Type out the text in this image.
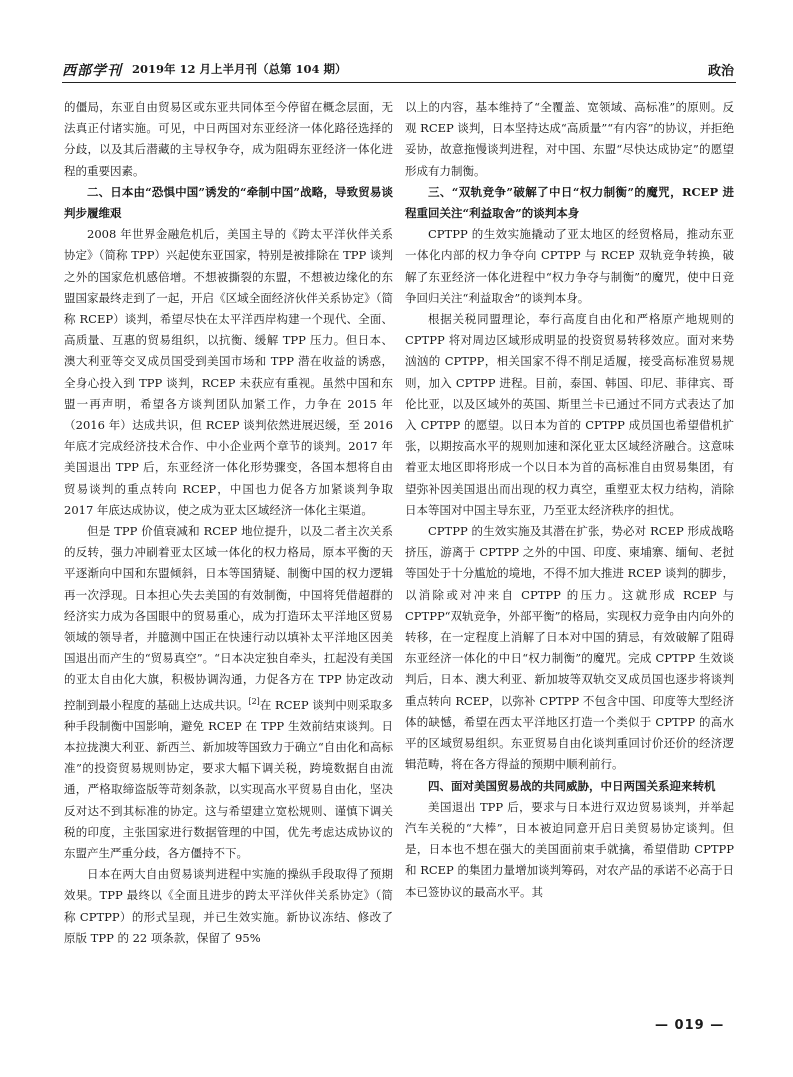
西部学刊 2019年 12 月上半月刊（总第 104 期）	政治

的僵局，东亚自由贸易区或东亚共同体至今停留在概念层面，无法真正付诸实施。可见，中日两国对东亚经济一体化路径选择的分歧，以及其后潜藏的主导权争夺，成为阻碍东亚经济一体化进程的重要因素。

二、日本由“恐惧中国”诱发的“牵制中国”战略，导致贸易谈判步履维艰

2008 年世界金融危机后，美国主导的《跨太平洋伙伴关系协定》（简称 TPP）兴起使东亚国家，特别是被排除在 TPP 谈判之外的国家危机感倍增。不想被撕裂的东盟，不想被边缘化的东盟国家最终走到了一起，开启《区域全面经济伙伴关系协定》（简称 RCEP）谈判，希望尽快在太平洋西岸构建一个现代、全面、高质量、互惠的贸易组织，以抗衡、缓解 TPP 压力。但日本、澳大利亚等交叉成员国受到美国市场和 TPP 潜在收益的诱惑，全身心投入到 TPP 谈判，RCEP 未获应有重视。虽然中国和东盟一再声明，希望各方谈判团队加紧工作，力争在 2015 年（2016 年）达成共识，但 RCEP 谈判依然进展迟缓，至 2016 年底才完成经济技术合作、中小企业两个章节的谈判。2017 年美国退出 TPP 后，东亚经济一体化形势骤变，各国本想将自由贸易谈判的重点转向 RCEP，中国也力促各方加紧谈判争取 2017 年底达成协议，使之成为亚太区域经济一体化主渠道。

但是 TPP 价值衰减和 RCEP 地位提升，以及二者主次关系的反转，强力冲刷着亚太区域一体化的权力格局，原本平衡的天平逐渐向中国和东盟倾斜，日本等国猜疑、制衡中国的权力逻辑再一次浮现。日本担心失去美国的有效制衡，中国将凭借超群的经济实力成为各国眼中的贸易重心，成为打造环太平洋地区贸易领域的领导者，并臆测中国正在快速行动以填补太平洋地区因美国退出而产生的“贸易真空”。“日本决定独自牵头，扛起没有美国的亚太自由化大旗，积极协调沟通，力促各方在 TPP 协定改动控制到最小程度的基础上达成共识。[2]在 RCEP 谈判中则采取多种手段制衡中国影响，避免 RCEP 在 TPP 生效前结束谈判。日本拉拢澳大利亚、新西兰、新加坡等国致力于确立“自由化和高标准”的投资贸易规则协定，要求大幅下调关税，跨境数据自由流通，严格取缔盗版等苛刻条款，以实现高水平贸易自由化，坚决反对达不到其标准的协定。这与希望建立宽松规则、谨慎下调关税的印度，主张国家进行数据管理的中国，优先考虑达成协议的东盟产生严重分歧，各方僵持不下。

日本在两大自由贸易谈判进程中实施的操纵手段取得了预期效果。TPP 最终以《全面且进步的跨太平洋伙伴关系协定》（简称 CPTPP）的形式呈现，并已生效实施。新协议冻结、修改了原版 TPP 的 22 项条款，保留了 95%

以上的内容，基本维持了“全覆盖、宽领域、高标准”的原则。反观 RCEP 谈判，日本坚持达成“高质量”“有内容”的协议，并拒绝妥协，故意拖慢谈判进程，对中国、东盟“尽快达成协定”的愿望形成有力制衡。

三、“双轨竞争”破解了中日“权力制衡”的魔咒，RCEP 进程重回关注“利益取舍”的谈判本身

CPTPP 的生效实施撬动了亚太地区的经贸格局，推动东亚一体化内部的权力争夺向 CPTPP 与 RCEP 双轨竞争转换，破解了东亚经济一体化进程中“权力争夺与制衡”的魔咒，使中日竞争回归关注“利益取舍”的谈判本身。

根据关税同盟理论，奉行高度自由化和严格原产地规则的 CPTPP 将对周边区域形成明显的投资贸易转移效应。面对来势汹汹的 CPTPP，相关国家不得不削足适履，接受高标准贸易规则，加入 CPTPP 进程。目前，泰国、韩国、印尼、菲律宾、哥伦比亚，以及区域外的英国、斯里兰卡已通过不同方式表达了加入 CPTPP 的愿望。以日本为首的 CPTPP 成员国也希望借机扩张，以期按高水平的规则加速和深化亚太区域经济融合。这意味着亚太地区即将形成一个以日本为首的高标准自由贸易集团，有望弥补因美国退出而出现的权力真空，重塑亚太权力结构，消除日本等国对中国主导东亚，乃至亚太经济秩序的担忧。

CPTPP 的生效实施及其潜在扩张，势必对 RCEP 形成战略挤压，游离于 CPTPP 之外的中国、印度、柬埔寨、缅甸、老挝等国处于十分尴尬的境地，不得不加大推进 RCEP 谈判的脚步，以消除或对冲来自 CPTPP 的压力。这就形成 RCEP 与 CPTPP“双轨竞争，外部平衡”的格局，实现权力竞争由内向外的转移，在一定程度上消解了日本对中国的猜忌，有效破解了阻碍东亚经济一体化的中日“权力制衡”的魔咒。完成 CPTPP 生效谈判后，日本、澳大利亚、新加坡等双轨交叉成员国也逐步将谈判重点转向 RCEP，以弥补 CPTPP 不包含中国、印度等大型经济体的缺憾，希望在西太平洋地区打造一个类似于 CPTPP 的高水平的区域贸易组织。东亚贸易自由化谈判重回讨价还价的经济逻辑范畴，将在各方得益的预期中顺利前行。

四、面对美国贸易战的共同威胁，中日两国关系迎来转机

美国退出 TPP 后，要求与日本进行双边贸易谈判，并举起汽车关税的“大棒”，日本被迫同意开启日美贸易协定谈判。但是，日本也不想在强大的美国面前束手就擒，希望借助 CPTPP 和 RCEP 的集团力量增加谈判筹码，对农产品的承诺不必高于日本已签协议的最高水平。其

— 019 —
